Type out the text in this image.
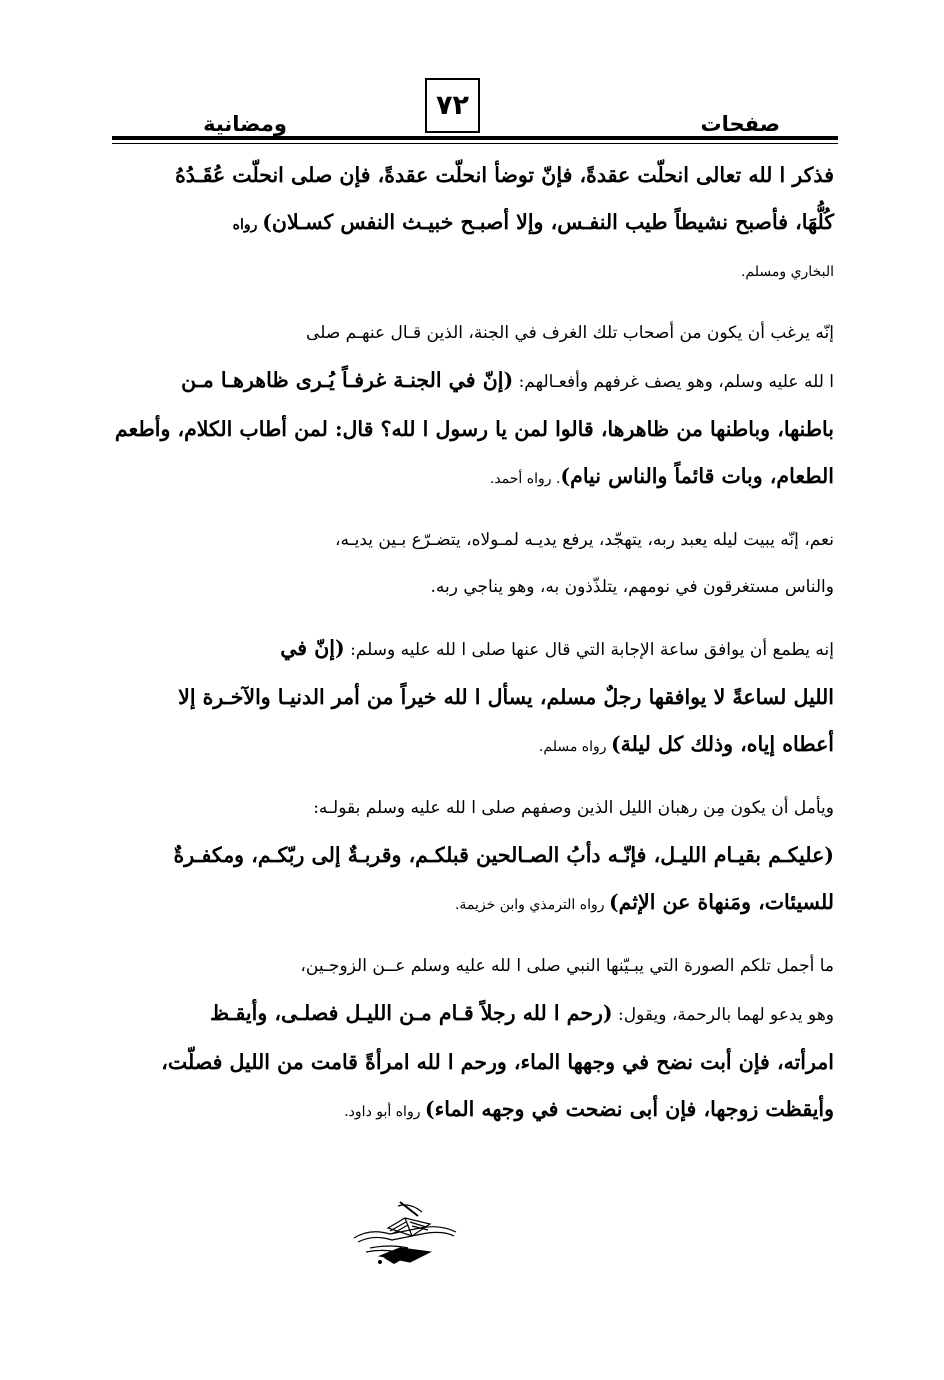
ومضانية
٧٢
صفحات
فذكر ا لله تعالى انحلّت عقدةً، فإنّ توضأ انحلّت عقدةً، فإن صلى انحلّت عُقَـدُهُ
كُلُّهَا، فأصبح نشيطاً طيب النفـس، وإلا أصبـح خبيـث النفس كسـلان) رواه
البخاري ومسلم.
إنّه يرغب أن يكون من أصحاب تلك الغرف في الجنة، الذين قـال عنهـم صلى
ا لله عليه وسلم، وهو يصف غرفهم وأفعـالهم: (إنّ في الجنـة غرفـاً يُـرى ظاهرهـا مـن
باطنها، وباطنها من ظاهرها، قالوا لمن يا رسول ا لله؟ قال: لمن أطاب الكلام، وأطعم
الطعام، وبات قائماً والناس نيام). رواه أحمد.
نعم، إنّه يبيت ليله يعبد ربه، يتهجّد، يرفع يديـه لمـولاه، يتضـرّع بـين يديـه،
والناس مستغرقون في نومهم، يتلذّذون به، وهو يناجي ربه.
إنه يطمع أن يوافق ساعة الإجابة التي قال عنها صلى ا لله عليه وسلم: (إنّ في
الليل لساعةً لا يوافقها رجلٌ مسلم، يسأل ا لله خيراً من أمر الدنيـا والآخـرة إلا
أعطاه إياه، وذلك كل ليلة) رواه مسلم.
ويأمل أن يكون مِن رهبان الليل الذين وصفهم صلى ا لله عليه وسلم بقولـه:
(عليكـم بقيـام الليـل، فإنّـه دأبُ الصـالحين قبلكـم، وقربـةٌ إلى ربّكـم، ومكفـرةٌ
للسيئات، ومَنهاة عن الإثم) رواه الترمذي وابن خزيمة.
ما أجمل تلكم الصورة التي يبـيّنها النبي صلى ا لله عليه وسلم عــن الزوجـين،
وهو يدعو لهما بالرحمة، ويقول: (رحم ا لله رجلاً قـام مـن الليـل فصلـى، وأيقـظ
امرأته، فإن أبت نضح في وجهها الماء، ورحم ا لله امرأةً قامت من الليل فصلّت،
وأيقظت زوجها، فإن أبى نضحت في وجهه الماء) رواه أبو داود.
